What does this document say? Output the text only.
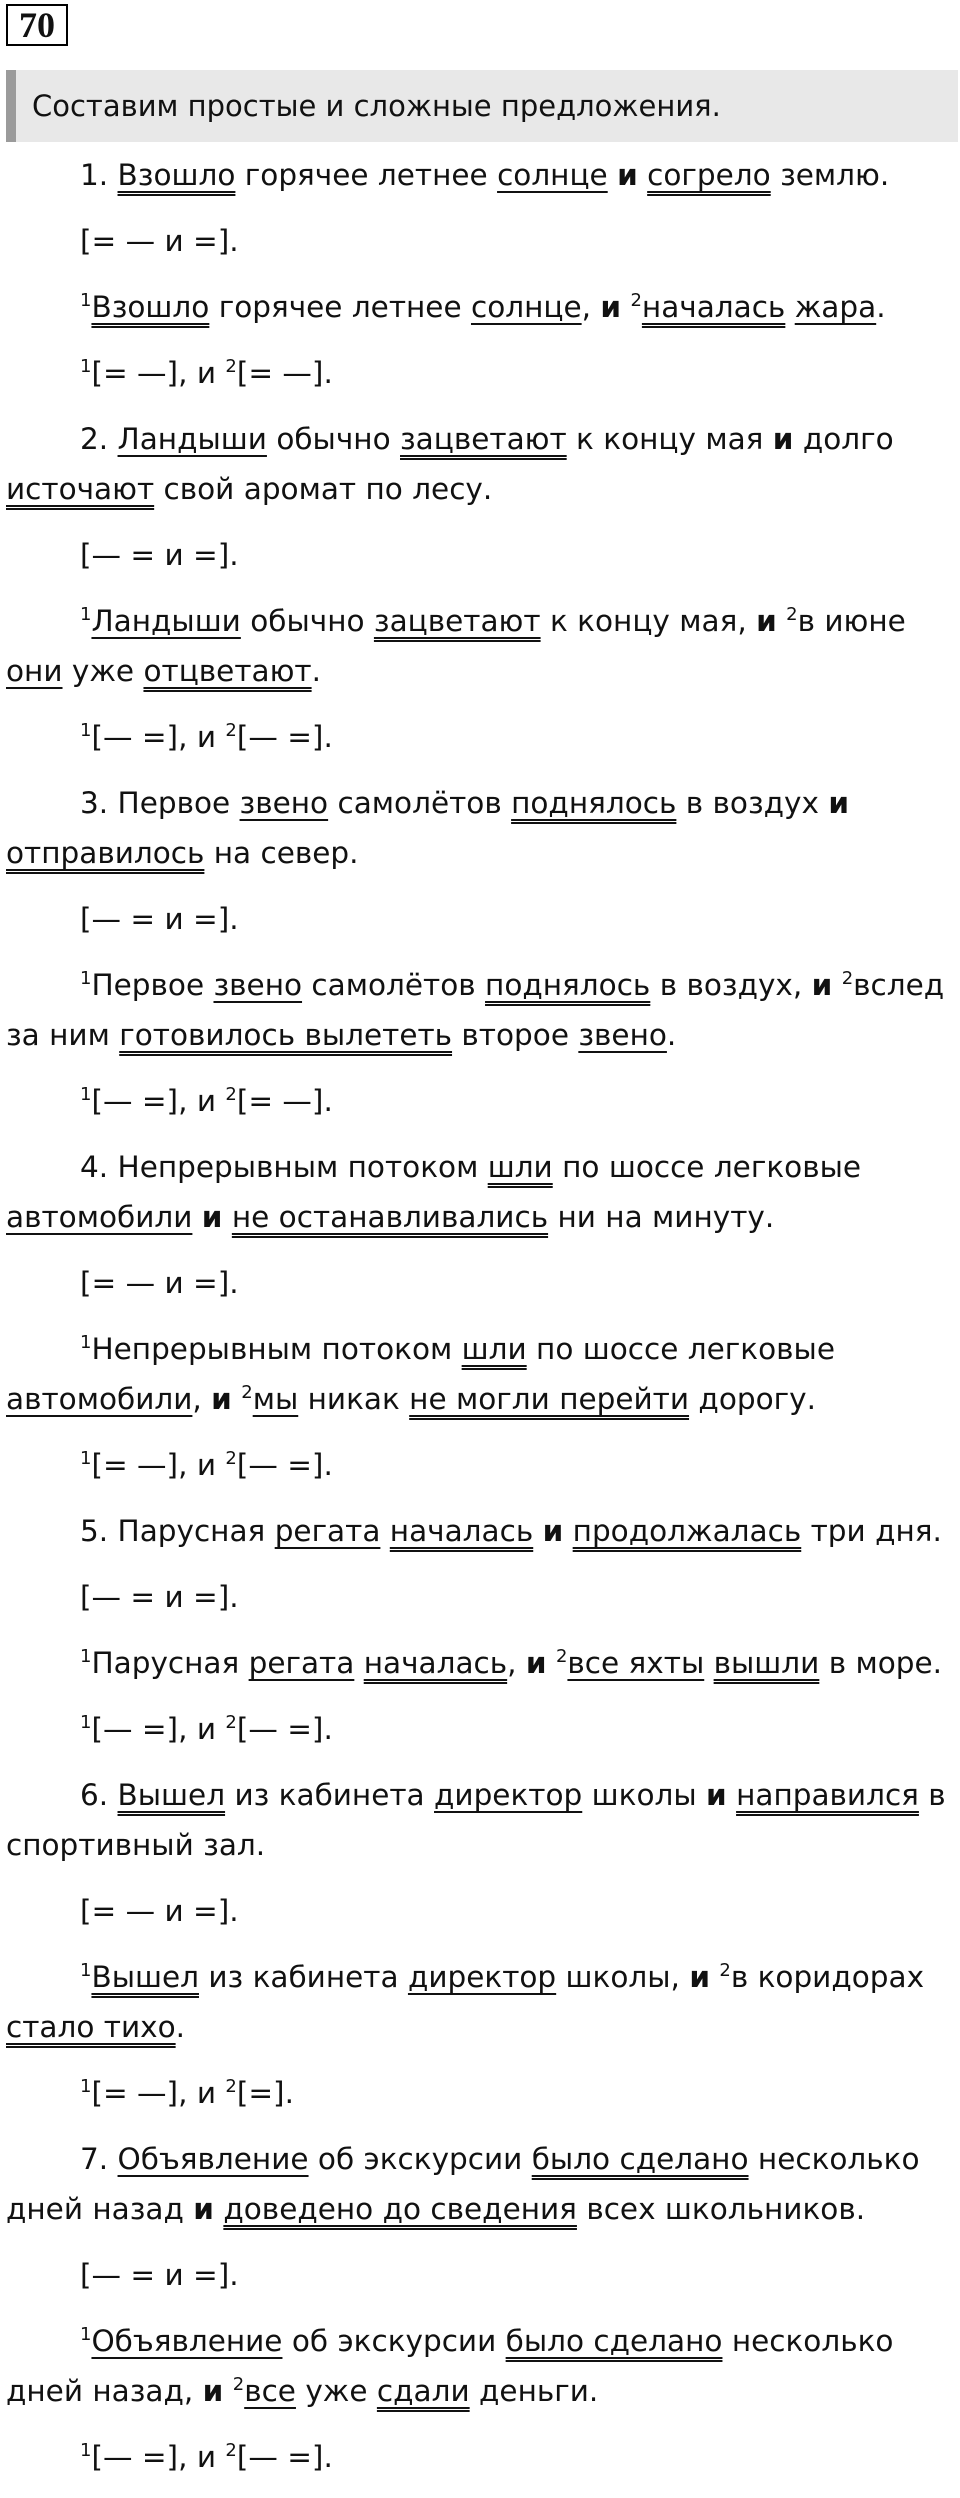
70
Составим простые и сложные предложения.

1. Взошло горячее летнее солнце и согрело землю.

[= — и =].

$^1$Взошло горячее летнее солнце, и $^2$началась жара.

$^1$[= —], и $^2$[= —].

2. Ландыши обычно зацветают к концу мая и долго источают свой аромат по лесу.

[— = и =].

$^1$Ландыши обычно зацветают к концу мая, и $^2$в июне они уже отцветают.

$^1$[— =], и $^2$[— =].

3. Первое звено самолётов поднялось в воздух и отправилось на север.

[— = и =].

$^1$Первое звено самолётов поднялось в воздух, и $^2$вслед за ним готовилось вылететь второе звено.

$^1$[— =], и $^2$[= —].

4. Непрерывным потоком шли по шоссе легковые автомобили и не останавливались ни на минуту.

[= — и =].

$^1$Непрерывным потоком шли по шоссе легковые автомобили, и $^2$мы никак не могли перейти дорогу.

$^1$[= —], и $^2$[— =].

5. Парусная регата началась и продолжалась три дня.

[— = и =].

$^1$Парусная регата началась, и $^2$все яхты вышли в море.

$^1$[— =], и $^2$[— =].

6. Вышел из кабинета директор школы и направился в спортивный зал.

[= — и =].

$^1$Вышел из кабинета директор школы, и $^2$в коридорах стало тихо.

$^1$[= —], и $^2$[=].

7. Объявление об экскурсии было сделано несколько дней назад и доведено до сведения всех школьников.

[— = и =].

$^1$Объявление об экскурсии было сделано несколько дней назад, и $^2$все уже сдали деньги.

$^1$[— =], и $^2$[— =].
